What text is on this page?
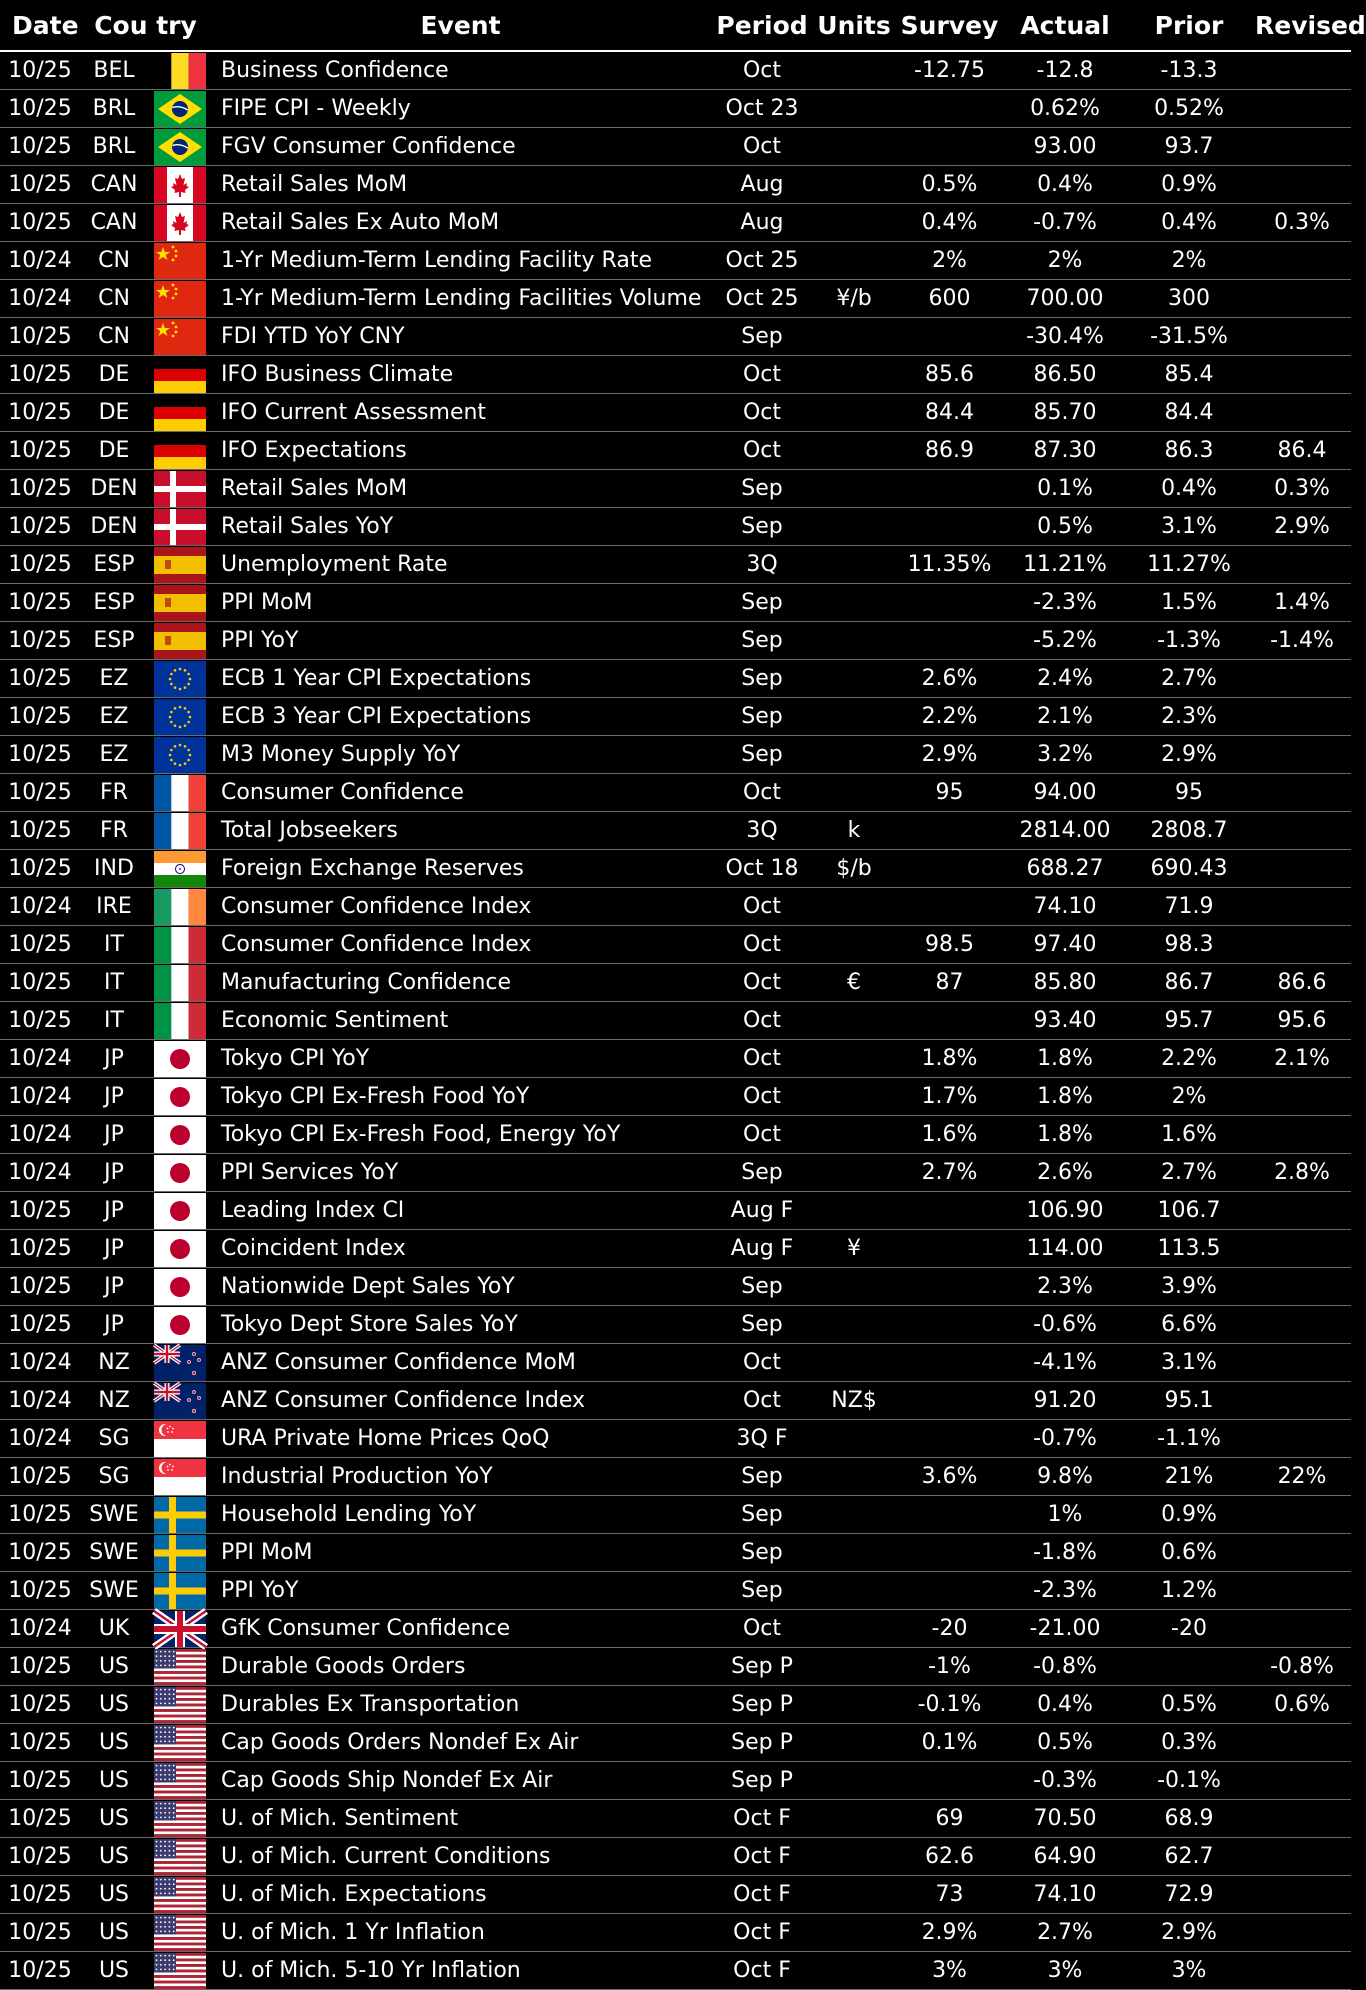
Date	Cou try		Event	Period	Units	Survey	Actual	Prior	Revised
10/25	BEL		Business Confidence	Oct		-12.75	-12.8	-13.3	
10/25	BRL		FIPE CPI - Weekly	Oct 23			0.62%	0.52%	
10/25	BRL		FGV Consumer Confidence	Oct			93.00	93.7	
10/25	CAN		Retail Sales MoM	Aug		0.5%	0.4%	0.9%	
10/25	CAN		Retail Sales Ex Auto MoM	Aug		0.4%	-0.7%	0.4%	0.3%
10/24	CN		1-Yr Medium-Term Lending Facility Rate	Oct 25		2%	2%	2%	
10/24	CN		1-Yr Medium-Term Lending Facilities Volume	Oct 25	¥/b	600	700.00	300	
10/25	CN		FDI YTD YoY CNY	Sep			-30.4%	-31.5%	
10/25	DE		IFO Business Climate	Oct		85.6	86.50	85.4	
10/25	DE		IFO Current Assessment	Oct		84.4	85.70	84.4	
10/25	DE		IFO Expectations	Oct		86.9	87.30	86.3	86.4
10/25	DEN		Retail Sales MoM	Sep			0.1%	0.4%	0.3%
10/25	DEN		Retail Sales YoY	Sep			0.5%	3.1%	2.9%
10/25	ESP		Unemployment Rate	3Q		11.35%	11.21%	11.27%	
10/25	ESP		PPI MoM	Sep			-2.3%	1.5%	1.4%
10/25	ESP		PPI YoY	Sep			-5.2%	-1.3%	-1.4%
10/25	EZ		ECB 1 Year CPI Expectations	Sep		2.6%	2.4%	2.7%	
10/25	EZ		ECB 3 Year CPI Expectations	Sep		2.2%	2.1%	2.3%	
10/25	EZ		M3 Money Supply YoY	Sep		2.9%	3.2%	2.9%	
10/25	FR		Consumer Confidence	Oct		95	94.00	95	
10/25	FR		Total Jobseekers	3Q	k		2814.00	2808.7	
10/25	IND		Foreign Exchange Reserves	Oct 18	$/b		688.27	690.43	
10/24	IRE		Consumer Confidence Index	Oct			74.10	71.9	
10/25	IT		Consumer Confidence Index	Oct		98.5	97.40	98.3	
10/25	IT		Manufacturing Confidence	Oct	€	87	85.80	86.7	86.6
10/25	IT		Economic Sentiment	Oct			93.40	95.7	95.6
10/24	JP		Tokyo CPI YoY	Oct		1.8%	1.8%	2.2%	2.1%
10/24	JP		Tokyo CPI Ex-Fresh Food YoY	Oct		1.7%	1.8%	2%	
10/24	JP		Tokyo CPI Ex-Fresh Food, Energy YoY	Oct		1.6%	1.8%	1.6%	
10/24	JP		PPI Services YoY	Sep		2.7%	2.6%	2.7%	2.8%
10/25	JP		Leading Index CI	Aug F			106.90	106.7	
10/25	JP		Coincident Index	Aug F	¥		114.00	113.5	
10/25	JP		Nationwide Dept Sales YoY	Sep			2.3%	3.9%	
10/25	JP		Tokyo Dept Store Sales YoY	Sep			-0.6%	6.6%	
10/24	NZ		ANZ Consumer Confidence MoM	Oct			-4.1%	3.1%	
10/24	NZ		ANZ Consumer Confidence Index	Oct	NZ$		91.20	95.1	
10/24	SG		URA Private Home Prices QoQ	3Q F			-0.7%	-1.1%	
10/25	SG		Industrial Production YoY	Sep		3.6%	9.8%	21%	22%
10/25	SWE		Household Lending YoY	Sep			1%	0.9%	
10/25	SWE		PPI MoM	Sep			-1.8%	0.6%	
10/25	SWE		PPI YoY	Sep			-2.3%	1.2%	
10/24	UK		GfK Consumer Confidence	Oct		-20	-21.00	-20	
10/25	US		Durable Goods Orders	Sep P		-1%	-0.8%		-0.8%
10/25	US		Durables Ex Transportation	Sep P		-0.1%	0.4%	0.5%	0.6%
10/25	US		Cap Goods Orders Nondef Ex Air	Sep P		0.1%	0.5%	0.3%	
10/25	US		Cap Goods Ship Nondef Ex Air	Sep P			-0.3%	-0.1%	
10/25	US		U. of Mich. Sentiment	Oct F		69	70.50	68.9	
10/25	US		U. of Mich. Current Conditions	Oct F		62.6	64.90	62.7	
10/25	US		U. of Mich. Expectations	Oct F		73	74.10	72.9	
10/25	US		U. of Mich. 1 Yr Inflation	Oct F		2.9%	2.7%	2.9%	
10/25	US		U. of Mich. 5-10 Yr Inflation	Oct F		3%	3%	3%	
